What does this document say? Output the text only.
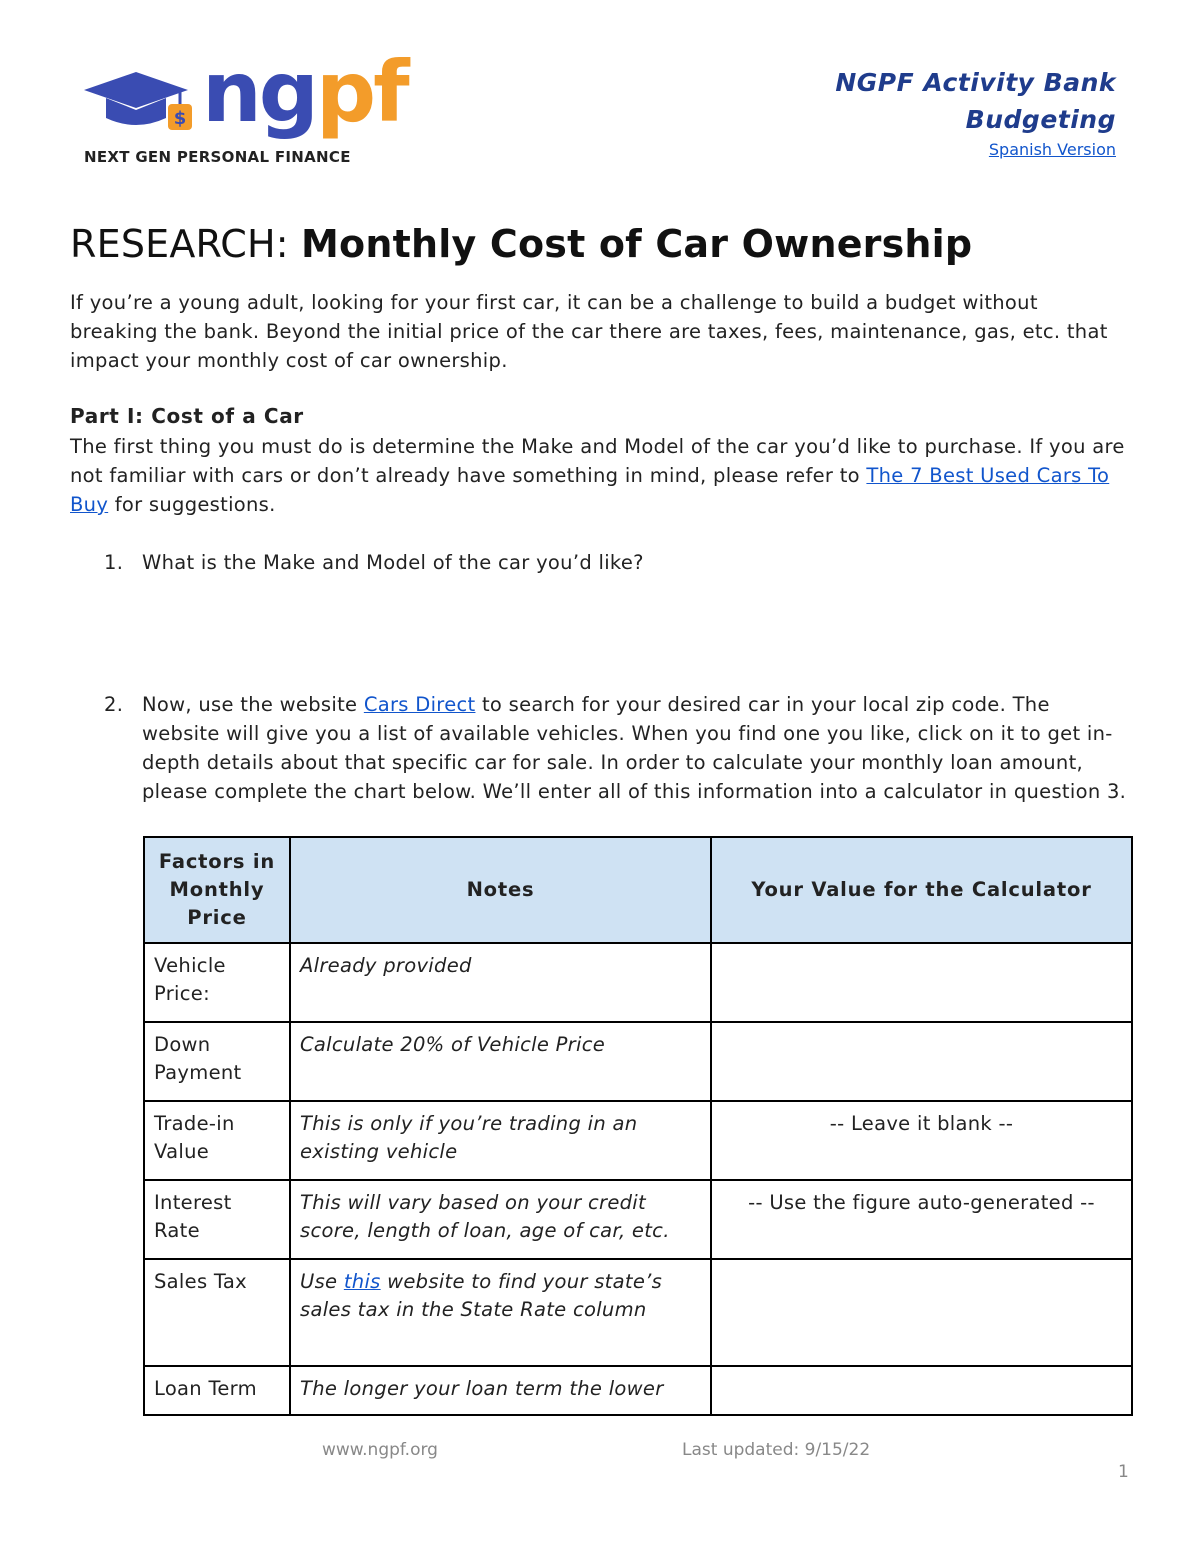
$ ngpf
NEXT GEN PERSONAL FINANCE
NGPF Activity Bank
Budgeting
Spanish Version
RESEARCH: Monthly Cost of Car Ownership

If you’re a young adult, looking for your first car, it can be a challenge to build a budget without breaking the bank. Beyond the initial price of the car there are taxes, fees, maintenance, gas, etc. that impact your monthly cost of car ownership.

Part I: Cost of a Car

The first thing you must do is determine the Make and Model of the car you’d like to purchase. If you are not familiar with cars or don’t already have something in mind, please refer to The 7 Best Used Cars To Buy for suggestions.

1. What is the Make and Model of the car you’d like?
2. Now, use the website Cars Direct to search for your desired car in your local zip code. The website will give you a list of available vehicles. When you find one you like, click on it to get in-depth details about that specific car for sale. In order to calculate your monthly loan amount, please complete the chart below. We’ll enter all of this information into a calculator in question 3.
Factors in Monthly Price	Notes	Your Value for the Calculator
Vehicle Price:	Already provided	
Down Payment	Calculate 20% of Vehicle Price	
Trade-in Value	This is only if you’re trading in an existing vehicle	-- Leave it blank --
Interest Rate	This will vary based on your credit score, length of loan, age of car, etc.	-- Use the figure auto-generated --
Sales Tax	Use this website to find your state’s sales tax in the State Rate column	
Loan Term	The longer your loan term the lower	
www.ngpf.org	Last updated: 9/15/22
1
